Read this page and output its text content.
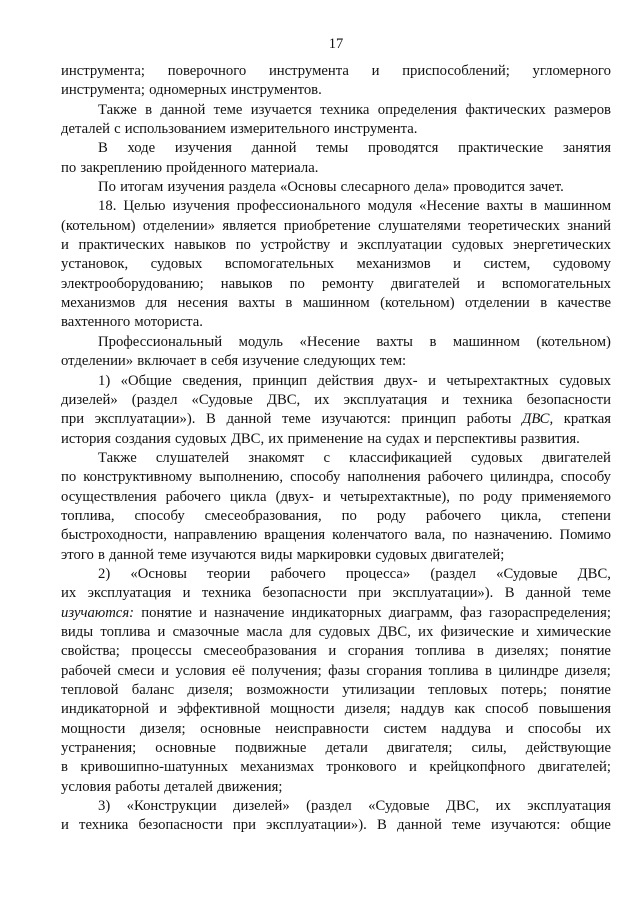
17
инструмента; поверочного инструмента и приспособлений; угломерного
инструмента; одномерных инструментов.
Также в данной теме изучается техника определения фактических размеров
деталей с использованием измерительного инструмента.
В ходе изучения данной темы проводятся практические занятия
по закреплению пройденного материала.
По итогам изучения раздела «Основы слесарного дела» проводится зачет.
18. Целью изучения профессионального модуля «Несение вахты в машинном
(котельном) отделении» является приобретение слушателями теоретических знаний
и практических навыков по устройству и эксплуатации судовых энергетических
установок, судовых вспомогательных механизмов и систем, судовому
электрооборудованию; навыков по ремонту двигателей и вспомогательных
механизмов для несения вахты в машинном (котельном) отделении в качестве
вахтенного моториста.
Профессиональный модуль «Несение вахты в машинном (котельном)
отделении» включает в себя изучение следующих тем:
1) «Общие сведения, принцип действия двух- и четырехтактных судовых
дизелей» (раздел «Судовые ДВС, их эксплуатация и техника безопасности
при эксплуатации»). В данной теме изучаются: принцип работы ДВС, краткая
история создания судовых ДВС, их применение на судах и перспективы развития.
Также слушателей знакомят с классификацией судовых двигателей
по конструктивному выполнению, способу наполнения рабочего цилиндра, способу
осуществления рабочего цикла (двух- и четырехтактные), по роду применяемого
топлива, способу смесеобразования, по роду рабочего цикла, степени
быстроходности, направлению вращения коленчатого вала, по назначению. Помимо
этого в данной теме изучаются виды маркировки судовых двигателей;
2) «Основы теории рабочего процесса» (раздел «Судовые ДВС,
их эксплуатация и техника безопасности при эксплуатации»). В данной теме
изучаются: понятие и назначение индикаторных диаграмм, фаз газораспределения;
виды топлива и смазочные масла для судовых ДВС, их физические и химические
свойства; процессы смесеобразования и сгорания топлива в дизелях; понятие
рабочей смеси и условия её получения; фазы сгорания топлива в цилиндре дизеля;
тепловой баланс дизеля; возможности утилизации тепловых потерь; понятие
индикаторной и эффективной мощности дизеля; наддув как способ повышения
мощности дизеля; основные неисправности систем наддува и способы их
устранения; основные подвижные детали двигателя; силы, действующие
в кривошипно-шатунных механизмах тронкового и крейцкопфного двигателей;
условия работы деталей движения;
3) «Конструкции дизелей» (раздел «Судовые ДВС, их эксплуатация
и техника безопасности при эксплуатации»). В данной теме изучаются: общие
